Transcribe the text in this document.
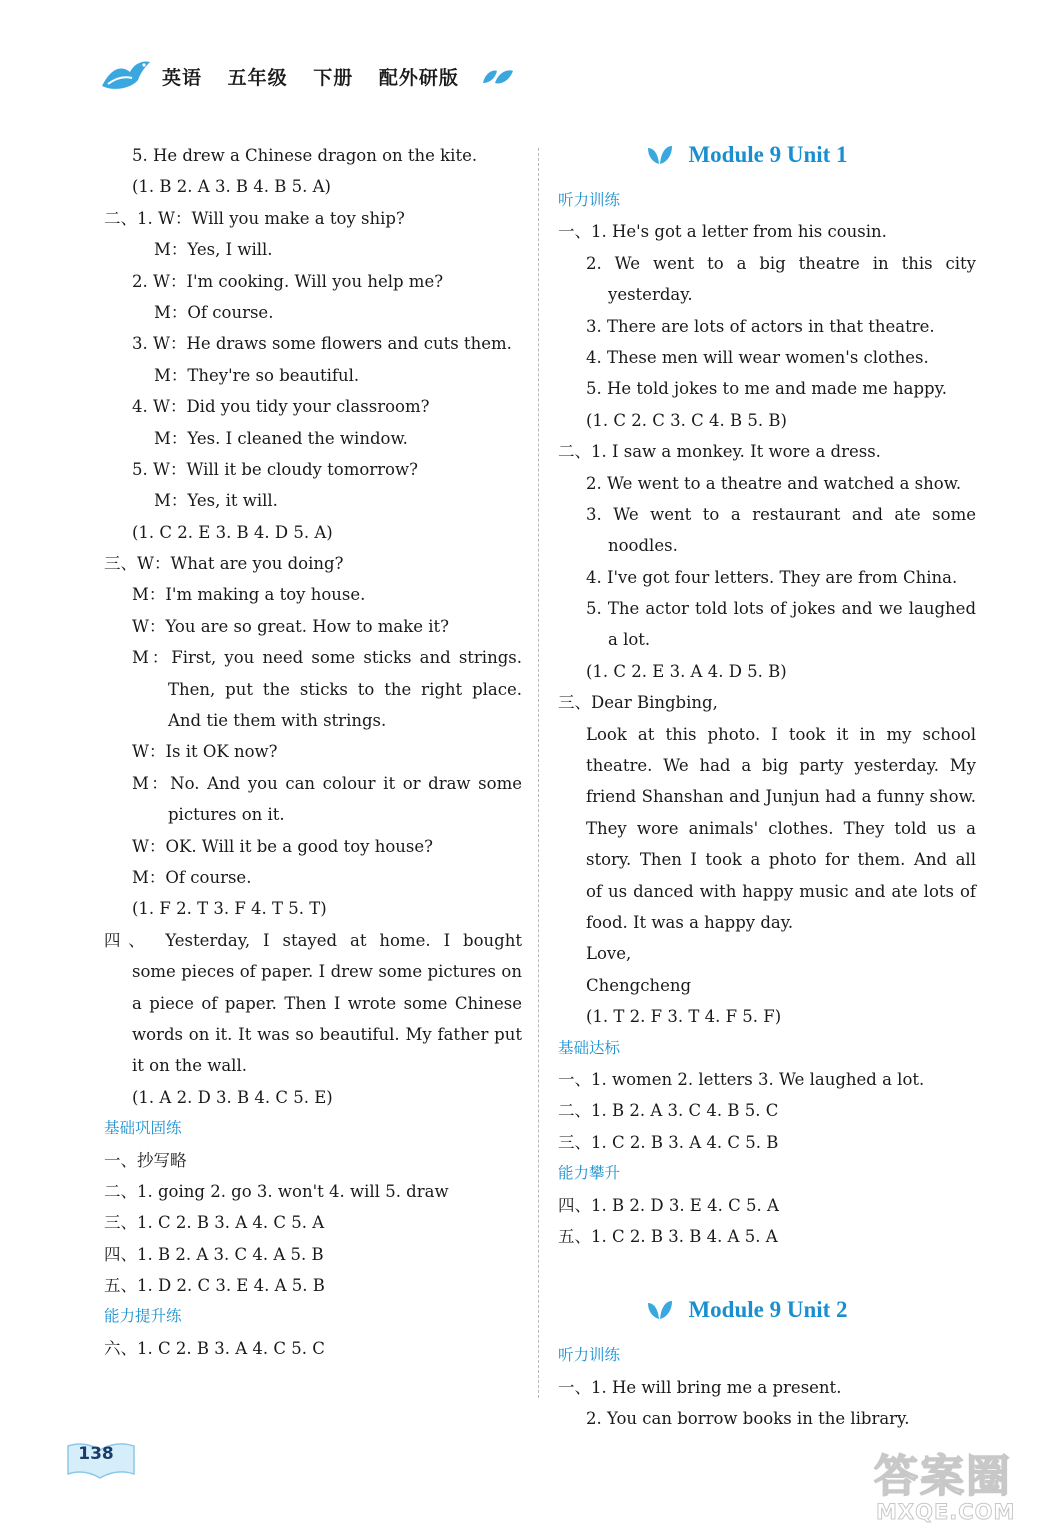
英语 五年级 下册 配外研版
5. He drew a Chinese dragon on the kite.
(1. B 2. A 3. B 4. B 5. A)
二、1. W：Will you make a toy ship?
M：Yes, I will.
2. W：I'm cooking. Will you help me?
M：Of course.
3. W：He draws some flowers and cuts them.
M：They're so beautiful.
4. W：Did you tidy your classroom?
M：Yes. I cleaned the window.
5. W：Will it be cloudy tomorrow?
M：Yes, it will.
(1. C 2. E 3. B 4. D 5. A)
三、W：What are you doing?
M：I'm making a toy house.
W：You are so great. How to make it?
M：First, you need some sticks and strings.
Then, put the sticks to the right place.
And tie them with strings.
W：Is it OK now?
M：No. And you can colour it or draw some
pictures on it.
W：OK. Will it be a good toy house?
M：Of course.
(1. F 2. T 3. F 4. T 5. T)
四、 Yesterday, I stayed at home. I bought
some pieces of paper. I drew some pictures on
a piece of paper. Then I wrote some Chinese
words on it. It was so beautiful. My father put
it on the wall.
(1. A 2. D 3. B 4. C 5. E)
基础巩固练
一、抄写略
二、1. going 2. go 3. won't 4. will 5. draw
三、1. C 2. B 3. A 4. C 5. A
四、1. B 2. A 3. C 4. A 5. B
五、1. D 2. C 3. E 4. A 5. B
能力提升练
六、1. C 2. B 3. A 4. C 5. C
Module 9 Unit 1
听力训练
一、1. He's got a letter from his cousin.
2. We went to a big theatre in this city
yesterday.
3. There are lots of actors in that theatre.
4. These men will wear women's clothes.
5. He told jokes to me and made me happy.
(1. C 2. C 3. C 4. B 5. B)
二、1. I saw a monkey. It wore a dress.
2. We went to a theatre and watched a show.
3. We went to a restaurant and ate some
noodles.
4. I've got four letters. They are from China.
5. The actor told lots of jokes and we laughed
a lot.
(1. C 2. E 3. A 4. D 5. B)
三、Dear Bingbing,
Look at this photo. I took it in my school
theatre. We had a big party yesterday. My
friend Shanshan and Junjun had a funny show.
They wore animals' clothes. They told us a
story. Then I took a photo for them. And all
of us danced with happy music and ate lots of
food. It was a happy day.
Love,
Chengcheng
(1. T 2. F 3. T 4. F 5. F)
基础达标
一、1. women 2. letters 3. We laughed a lot.
二、1. B 2. A 3. C 4. B 5. C
三、1. C 2. B 3. A 4. C 5. B
能力攀升
四、1. B 2. D 3. E 4. C 5. A
五、1. C 2. B 3. B 4. A 5. A
Module 9 Unit 2
听力训练
一、1. He will bring me a present.
2. You can borrow books in the library.
138	答案圈
MXQE.COM
